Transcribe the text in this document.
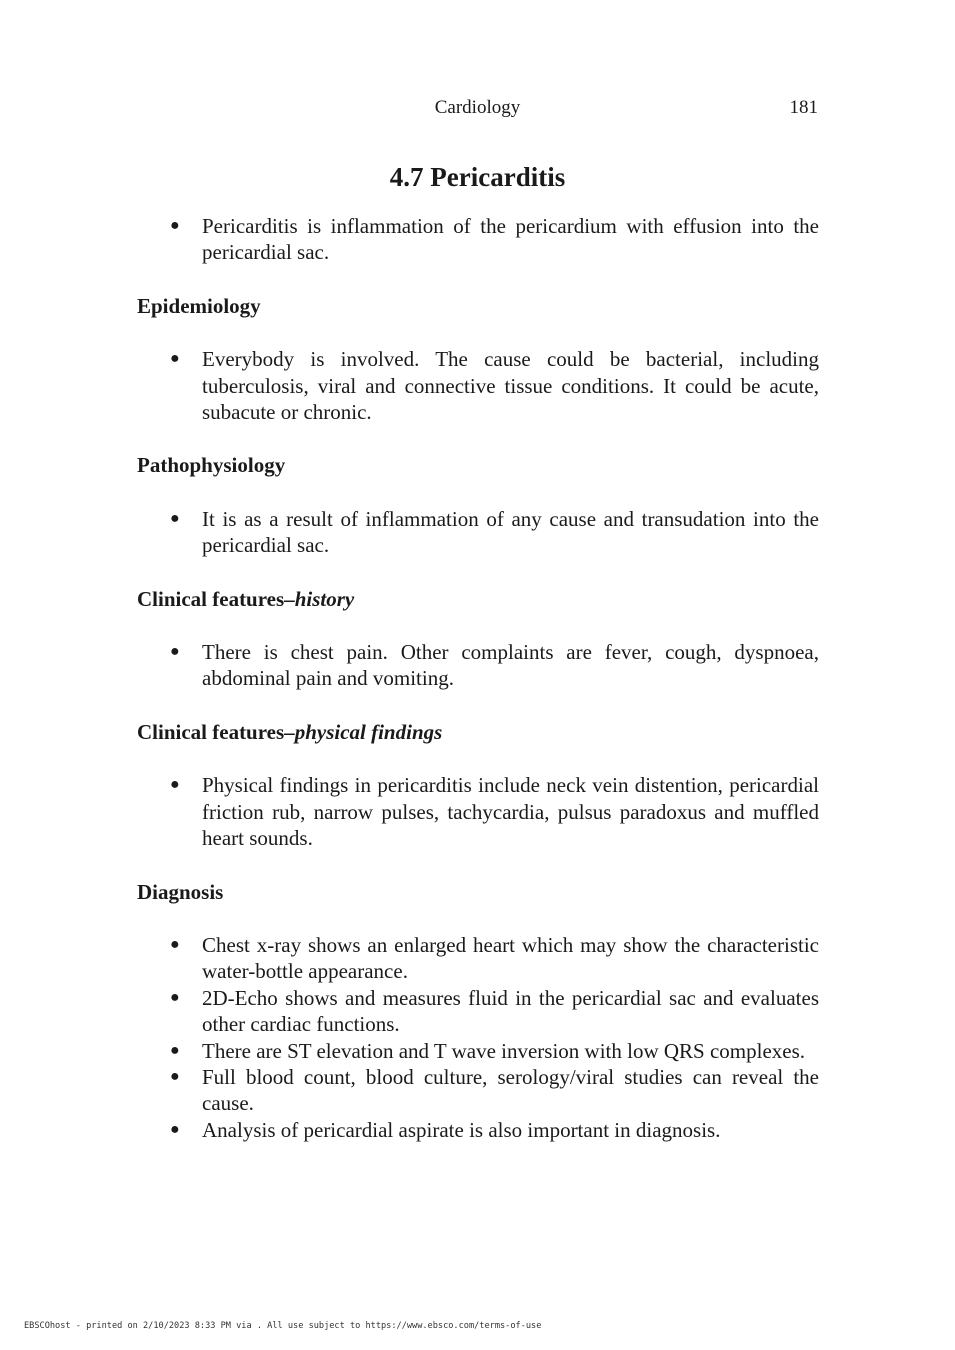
Cardiology	181
4.7 Pericarditis
● Pericarditis is inflammation of the pericardium with effusion into the pericardial sac.

Epidemiology

● Everybody is involved. The cause could be bacterial, including tuberculosis, viral and connective tissue conditions. It could be acute, subacute or chronic.

Pathophysiology

● It is as a result of inflammation of any cause and transudation into the pericardial sac.

Clinical features–history

● There is chest pain. Other complaints are fever, cough, dyspnoea, abdominal pain and vomiting.

Clinical features–physical findings

● Physical findings in pericarditis include neck vein distention, pericardial friction rub, narrow pulses, tachycardia, pulsus paradoxus and muffled heart sounds.

Diagnosis

● Chest x-ray shows an enlarged heart which may show the characteristic water-bottle appearance.
● 2D-Echo shows and measures fluid in the pericardial sac and evaluates other cardiac functions.
● There are ST elevation and T wave inversion with low QRS complexes.
● Full blood count, blood culture, serology/viral studies can reveal the cause.
● Analysis of pericardial aspirate is also important in diagnosis.
EBSCOhost - printed on 2/10/2023 8:33 PM via . All use subject to https://www.ebsco.com/terms-of-use
